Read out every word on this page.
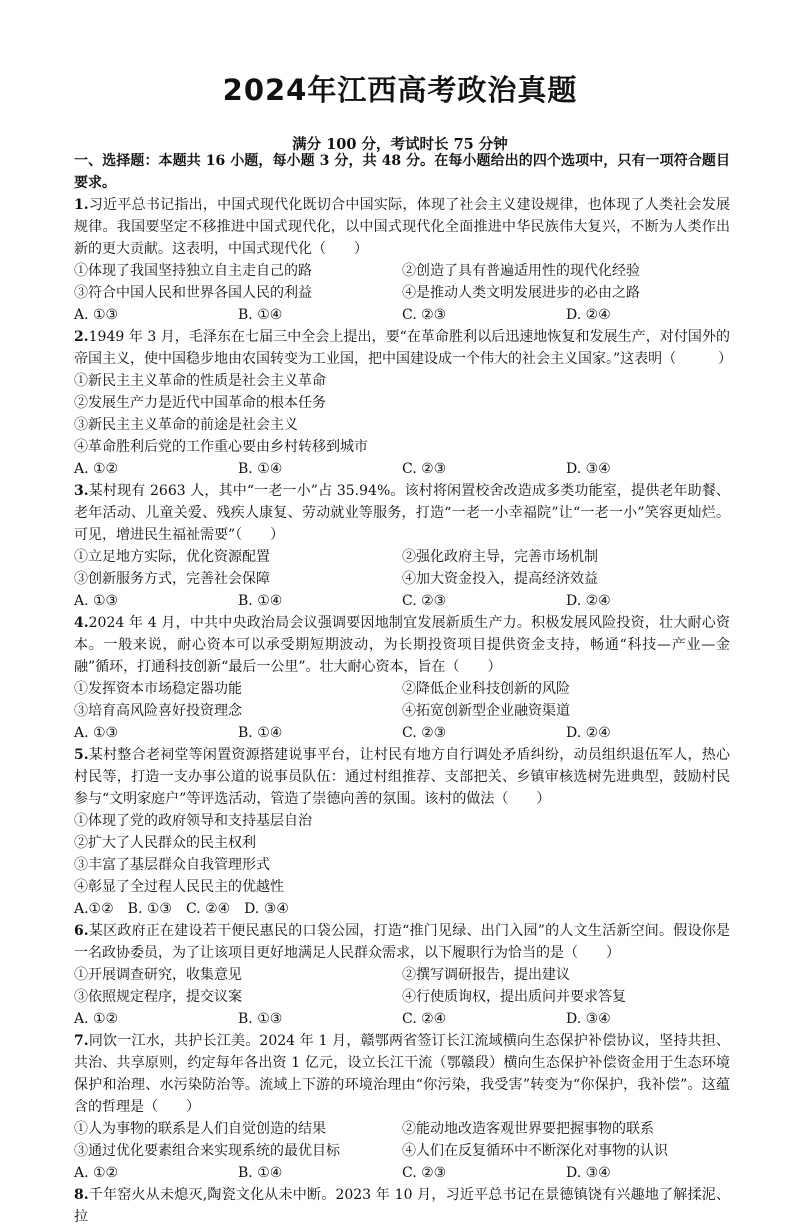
2024年江西高考政治真题
满分 100 分，考试时长 75 分钟

一、选择题：本题共 16 小题，每小题 3 分，共 48 分。在每小题给出的四个选项中，只有一项符合题目要求。

1.习近平总书记指出，中国式现代化既切合中国实际，体现了社会主义建设规律，也体现了人类社会发展规律。我国要坚定不移推进中国式现代化，以中国式现代化全面推进中华民族伟大复兴，不断为人类作出新的更大贡献。这表明，中国式现代化（　　）

①体现了我国坚持独立自主走自己的路	②创造了具有普遍适用性的现代化经验
③符合中国人民和世界各国人民的利益	④是推动人类文明发展进步的必由之路
A. ①③	B. ①④	C. ②③	D. ②④

2.1949 年 3 月，毛泽东在七届三中全会上提出，要“在革命胜利以后迅速地恢复和发展生产，对付国外的帝国主义，使中国稳步地由农国转变为工业国，把中国建设成一个伟大的社会主义国家。”这表明（　　　）

①新民主主义革命的性质是社会主义革命

②发展生产力是近代中国革命的根本任务

③新民主主义革命的前途是社会主义

④革命胜利后党的工作重心要由乡村转移到城市

A. ①②	B. ①④	C. ②③	D. ③④

3.某村现有 2663 人，其中“一老一小”占 35.94%。该村将闲置校舍改造成多类功能室，提供老年助餐、老年活动、儿童关爱、残疾人康复、劳动就业等服务，打造“一老一小幸福院”让“一老一小”笑容更灿烂。可见，增进民生福祉需要”（　　）

①立足地方实际，优化资源配置	②强化政府主导，完善市场机制
③创新服务方式，完善社会保障	④加大资金投入，提高经济效益
A. ①③	B. ①④	C. ②③	D. ②④

4.2024 年 4 月，中共中央政治局会议强调要因地制宜发展新质生产力。积极发展风险投资，壮大耐心资本。一般来说，耐心资本可以承受期短期波动，为长期投资项目提供资金支持，畅通“科技—产业—金融”循环，打通科技创新“最后一公里”。壮大耐心资本，旨在（　　）

①发挥资本市场稳定器功能	②降低企业科技创新的风险
③培育高风险喜好投资理念	④拓宽创新型企业融资渠道
A. ①③	B. ①④	C. ②③	D. ②④

5.某村整合老祠堂等闲置资源搭建说事平台，让村民有地方自行调处矛盾纠纷，动员组织退伍军人，热心村民等，打造一支办事公道的说事员队伍：通过村组推荐、支部把关、乡镇审核选树先进典型，鼓励村民参与“文明家庭户”等评选活动，管造了崇德向善的氛围。该村的做法（　　）

①体现了党的政府领导和支持基层自治

②扩大了人民群众的民主权利

③丰富了基层群众自我管理形式

④彰显了全过程人民民主的优越性

A.①②　B. ①③　C. ②④　D. ③④

6.某区政府正在建设若干便民惠民的口袋公园，打造“推门见绿、出门入园”的人文生活新空间。假设你是一名政协委员，为了让该项目更好地满足人民群众需求，以下履职行为恰当的是（　　）

①开展调查研究，收集意见	②撰写调研报告，提出建议
③依照规定程序，提交议案	④行使质询权，提出质问并要求答复
A. ①②	B. ①③	C. ②④	D. ③④

7.同饮一江水，共护长江美。2024 年 1 月，赣鄂两省签订长江流域横向生态保护补偿协议，坚持共担、共治、共享原则，约定每年各出资 1 亿元，设立长江干流（鄂赣段）横向生态保护补偿资金用于生态环境保护和治理、水污染防治等。流域上下游的环境治理由“你污染，我受害”转变为“你保护，我补偿”。这蕴含的哲理是（　　）

①人为事物的联系是人们自觉创造的结果	②能动地改造客观世界要把握事物的联系
③通过优化要素组合来实现系统的最优目标	④人们在反复循环中不断深化对事物的认识
A. ①②	B. ①④	C. ②③	D. ③④

8.千年窑火从未熄灭,陶瓷文化从未中断。2023 年 10 月，习近平总书记在景德镇饶有兴趣地了解揉泥、拉
